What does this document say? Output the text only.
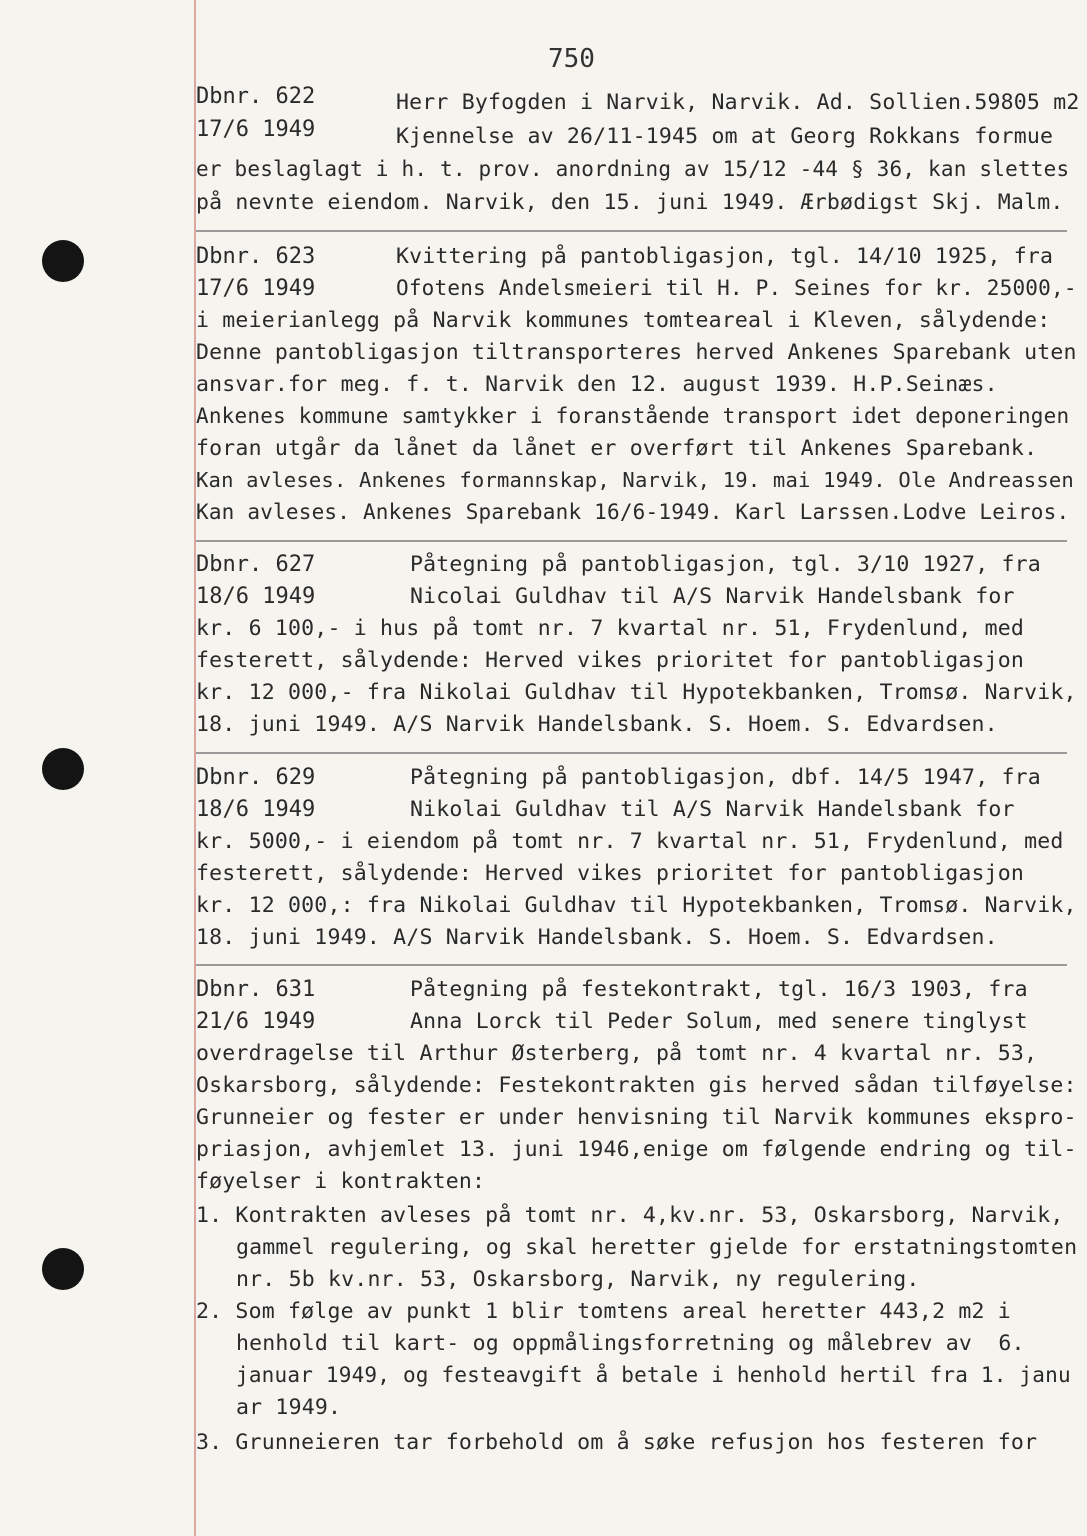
750
Dbnr. 622
17/6 1949
Herr Byfogden i Narvik, Narvik. Ad. Sollien.59805 m2
Kjennelse av 26/11-1945 om at Georg Rokkans formue
er beslaglagt i h. t. prov. anordning av 15/12 -44 § 36, kan slettes
på nevnte eiendom. Narvik, den 15. juni 1949. Ærbødigst Skj. Malm.
Dbnr. 623
17/6 1949
Kvittering på pantobligasjon, tgl. 14/10 1925, fra
Ofotens Andelsmeieri til H. P. Seines for kr. 25000,-
i meierianlegg på Narvik kommunes tomteareal i Kleven, sålydende:
Denne pantobligasjon tiltransporteres herved Ankenes Sparebank uten
ansvar.for meg. f. t. Narvik den 12. august 1939. H.P.Seinæs.
Ankenes kommune samtykker i foranstående transport idet deponeringen
foran utgår da lånet da lånet er overført til Ankenes Sparebank.
Kan avleses. Ankenes formannskap, Narvik, 19. mai 1949. Ole Andreassen
Kan avleses. Ankenes Sparebank 16/6-1949. Karl Larssen.Lodve Leiros.
Dbnr. 627
18/6 1949
Påtegning på pantobligasjon, tgl. 3/10 1927, fra
Nicolai Guldhav til A/S Narvik Handelsbank for
kr. 6 100,- i hus på tomt nr. 7 kvartal nr. 51, Frydenlund, med
festerett, sålydende: Herved vikes prioritet for pantobligasjon
kr. 12 000,- fra Nikolai Guldhav til Hypotekbanken, Tromsø. Narvik,
18. juni 1949. A/S Narvik Handelsbank. S. Hoem. S. Edvardsen.
Dbnr. 629
18/6 1949
Påtegning på pantobligasjon, dbf. 14/5 1947, fra
Nikolai Guldhav til A/S Narvik Handelsbank for
kr. 5000,- i eiendom på tomt nr. 7 kvartal nr. 51, Frydenlund, med
festerett, sålydende: Herved vikes prioritet for pantobligasjon
kr. 12 000,: fra Nikolai Guldhav til Hypotekbanken, Tromsø. Narvik,
18. juni 1949. A/S Narvik Handelsbank. S. Hoem. S. Edvardsen.
Dbnr. 631
21/6 1949
Påtegning på festekontrakt, tgl. 16/3 1903, fra
Anna Lorck til Peder Solum, med senere tinglyst
overdragelse til Arthur Østerberg, på tomt nr. 4 kvartal nr. 53,
Oskarsborg, sålydende: Festekontrakten gis herved sådan tilføyelse:
Grunneier og fester er under henvisning til Narvik kommunes ekspro-
priasjon, avhjemlet 13. juni 1946,enige om følgende endring og til-
føyelser i kontrakten:
1. Kontrakten avleses på tomt nr. 4,kv.nr. 53, Oskarsborg, Narvik,
gammel regulering, og skal heretter gjelde for erstatningstomten
nr. 5b kv.nr. 53, Oskarsborg, Narvik, ny regulering.
2. Som følge av punkt 1 blir tomtens areal heretter 443,2 m2 i
henhold til kart- og oppmålingsforretning og målebrev av  6.
januar 1949, og festeavgift å betale i henhold hertil fra 1. janu
ar 1949.
3. Grunneieren tar forbehold om å søke refusjon hos festeren for
